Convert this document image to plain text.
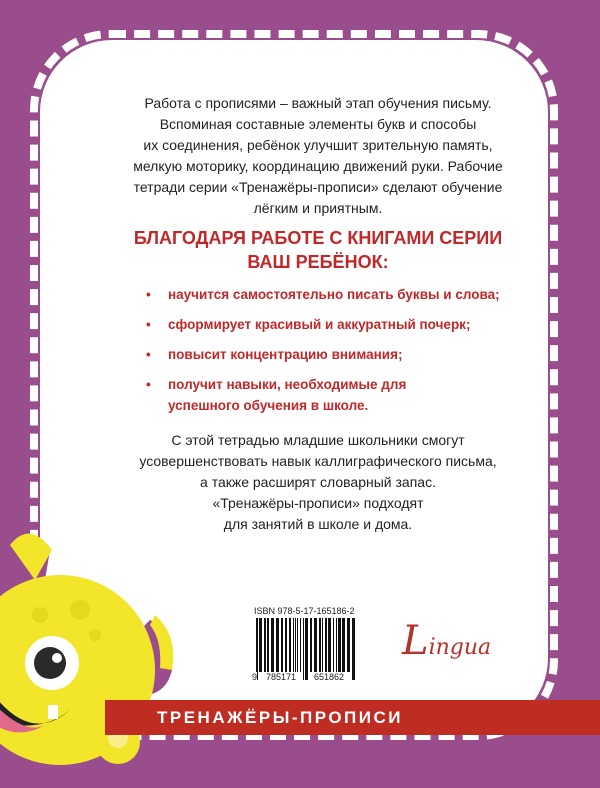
Работа с прописями – важный этап обучения письму.
Вспоминая составные элементы букв и способы
их соединения, ребёнок улучшит зрительную память,
мелкую моторику, координацию движений руки. Рабочие
тетради серии «Тренажёры-прописи» сделают обучение
лёгким и приятным.
БЛАГОДАРЯ РАБОТЕ С КНИГАМИ СЕРИИ
ВАШ РЕБЁНОК:
• научится самостоятельно писать буквы и слова;
• сформирует красивый и аккуратный почерк;
• повысит концентрацию внимания;
• получит навыки, необходимые для успешного обучения в школе.
С этой тетрадью младшие школьники смогут
усовершенствовать навык каллиграфического письма,
а также расширят словарный запас.
«Тренажёры-прописи» подходят
для занятий в школе и дома.
ISBN 978-5-17-165186-2
9 785171 651862
Lingua
ТРЕНАЖЁРЫ-ПРОПИСИ
